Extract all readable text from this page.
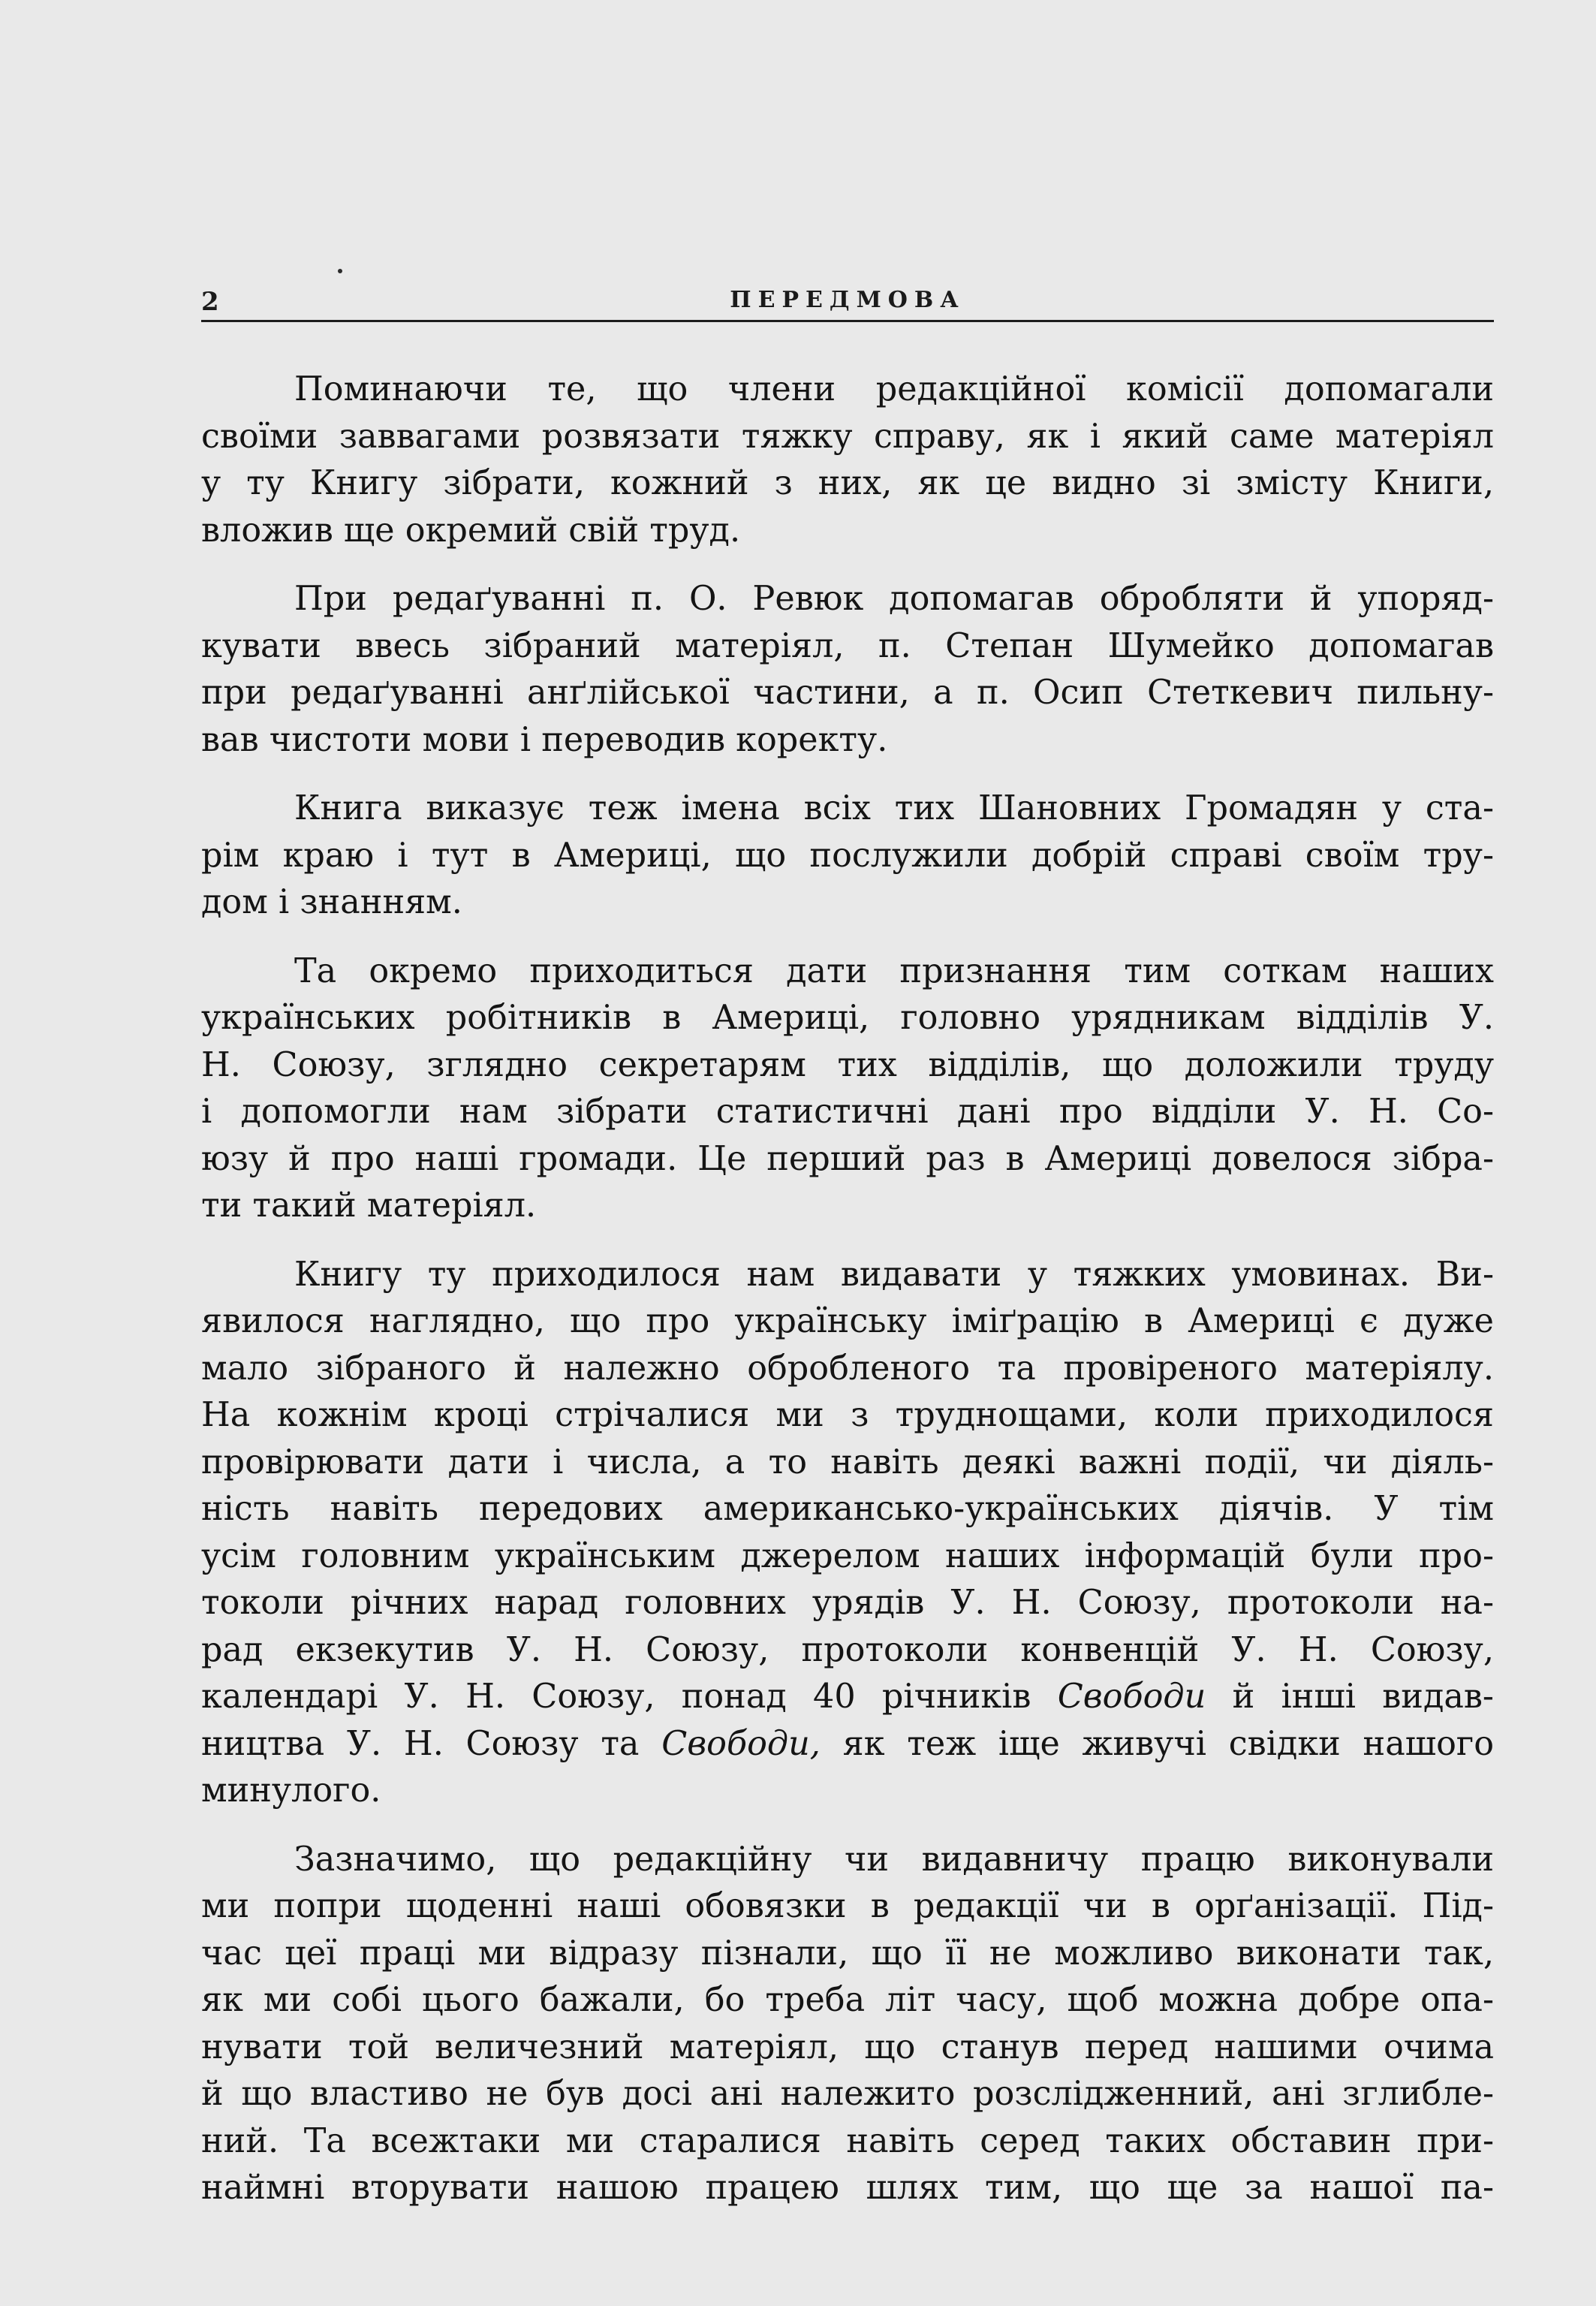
2	ПЕРЕДМОВА

Поминаючи те, що члени редакційної комісії допомагали
своїми заввагами розвязати тяжку справу, як і який саме матеріял
у ту Книгу зібрати, кожний з них, як це видно зі змісту Книги,
вложив ще окремий свій труд.

При редаґуванні п. О. Ревюк допомагав обробляти й упоряд-
кувати ввесь зібраний матеріял, п. Степан Шумейко допомагав
при редаґуванні анґлійської частини, а п. Осип Стеткевич пильну-
вав чистоти мови і переводив коректу.

Книга виказує теж імена всіх тих Шановних Громадян у ста-
рім краю і тут в Америці, що послужили добрій справі своїм тру-
дом і знанням.

Та окремо приходиться дати признання тим соткам наших
українських робітників в Америці, головно урядникам відділів У.
Н. Союзу, зглядно секретарям тих відділів, що доложили труду
і допомогли нам зібрати статистичні дані про відділи У. Н. Со-
юзу й про наші громади. Це перший раз в Америці довелося зібра-
ти такий матеріял.

Книгу ту приходилося нам видавати у тяжких умовинах. Ви-
явилося наглядно, що про українську іміґрацію в Америці є дуже
мало зібраного й належно обробленого та провіреного матеріялу.
На кожнім кроці стрічалися ми з труднощами, коли приходилося
провірювати дати і числа, а то навіть деякі важні події, чи діяль-
ність навіть передових американсько-українських діячів. У тім
усім головним українським джерелом наших інформацій були про-
токоли річних нарад головних урядів У. Н. Союзу, протоколи на-
рад екзекутив У. Н. Союзу, протоколи конвенцій У. Н. Союзу,
календарі У. Н. Союзу, понад 40 річників Свободи й інші видав-
ництва У. Н. Союзу та Свободи, як теж іще живучі свідки нашого
минулого.

Зазначимо, що редакційну чи видавничу працю виконували
ми попри щоденні наші обовязки в редакції чи в орґанізації. Під-
час цеї праці ми відразу пізнали, що її не можливо виконати так,
як ми собі цього бажали, бо треба літ часу, щоб можна добре опа-
нувати той величезний матеріял, що станув перед нашими очима
й що властиво не був досі ані належито розслідженний, ані зглибле-
ний. Та всежтаки ми старалися навіть серед таких обставин при-
наймні вторувати нашою працею шлях тим, що ще за нашої па-
